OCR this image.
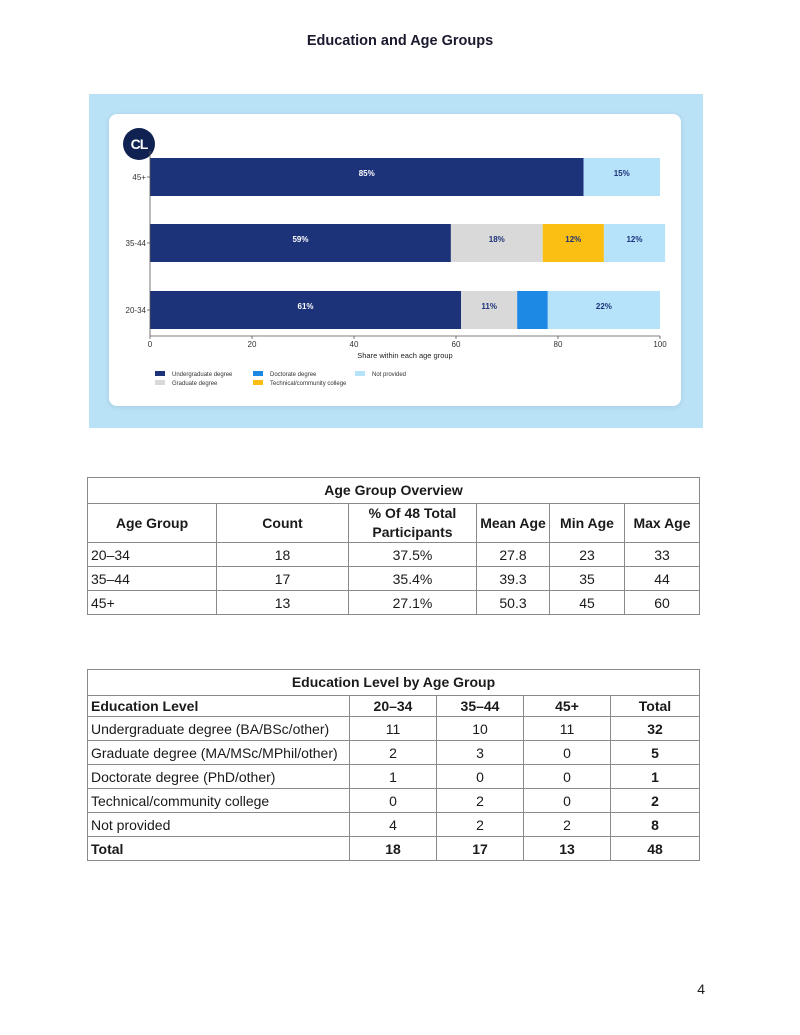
CL
Education and Age Groups
85%	15%
45+
59%	18%	12%	12%
35-44
61%	11%	22%
20-34
0	20	40	60	80	100
Share within each age group
Undergraduate degree
Graduate degree
Doctorate degree
Technical/community college
Not provided
Age Group Overview
Age Group	Count	% Of 48 Total Participants	Mean Age	Min Age	Max Age
20–34	18	37.5%	27.8	23	33
35–44	17	35.4%	39.3	35	44
45+	13	27.1%	50.3	45	60
Education Level by Age Group
Education Level	20–34	35–44	45+	Total
Undergraduate degree (BA/BSc/other)	11	10	11	32
Graduate degree (MA/MSc/MPhil/other)	2	3	0	5
Doctorate degree (PhD/other)	1	0	0	1
Technical/community college	0	2	0	2
Not provided	4	2	2	8
Total	18	17	13	48
4
